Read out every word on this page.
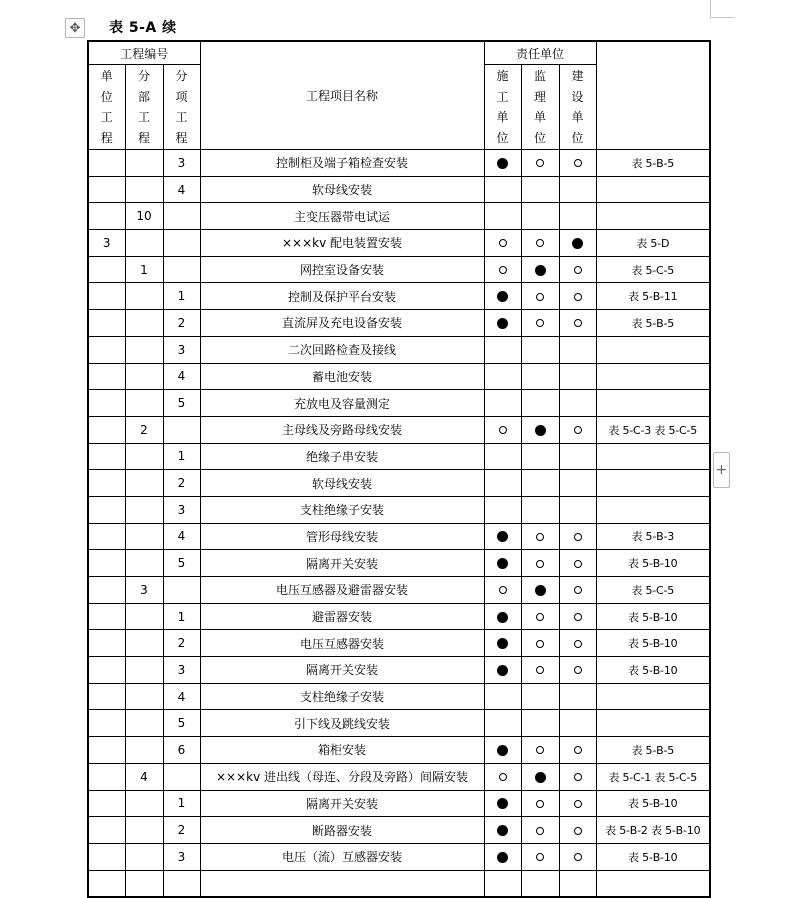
✥
+
表 5-A 续
工程编号			工程项目名称	责任单位			

单
位
工
程	分
部
工
程	分
项
工
程		施
工
单
位	监
理
单
位	建
设
单
位	

		3	控制柜及端子箱检查安装				表 5-B-5
		4	软母线安装				
	10		主变压器带电试运				
3			×××kv 配电装置安装				表 5-D
	1		网控室设备安装				表 5-C-5
		1	控制及保护平台安装				表 5-B-11
		2	直流屏及充电设备安装				表 5-B-5
		3	二次回路检查及接线				
		4	蓄电池安装				
		5	充放电及容量测定				
	2		主母线及旁路母线安装				表 5-C-3 表 5-C-5
		1	绝缘子串安装				
		2	软母线安装				
		3	支柱绝缘子安装				
		4	管形母线安装				表 5-B-3
		5	隔离开关安装				表 5-B-10
	3		电压互感器及避雷器安装				表 5-C-5
		1	避雷器安装				表 5-B-10
		2	电压互感器安装				表 5-B-10
		3	隔离开关安装				表 5-B-10
		4	支柱绝缘子安装				
		5	引下线及跳线安装				
		6	箱柜安装				表 5-B-5
	4		×××kv 进出线（母连、分段及旁路）间隔安装				表 5-C-1 表 5-C-5
		1	隔离开关安装				表 5-B-10
		2	断路器安装				表 5-B-2 表 5-B-10
		3	电压（流）互感器安装				表 5-B-10
